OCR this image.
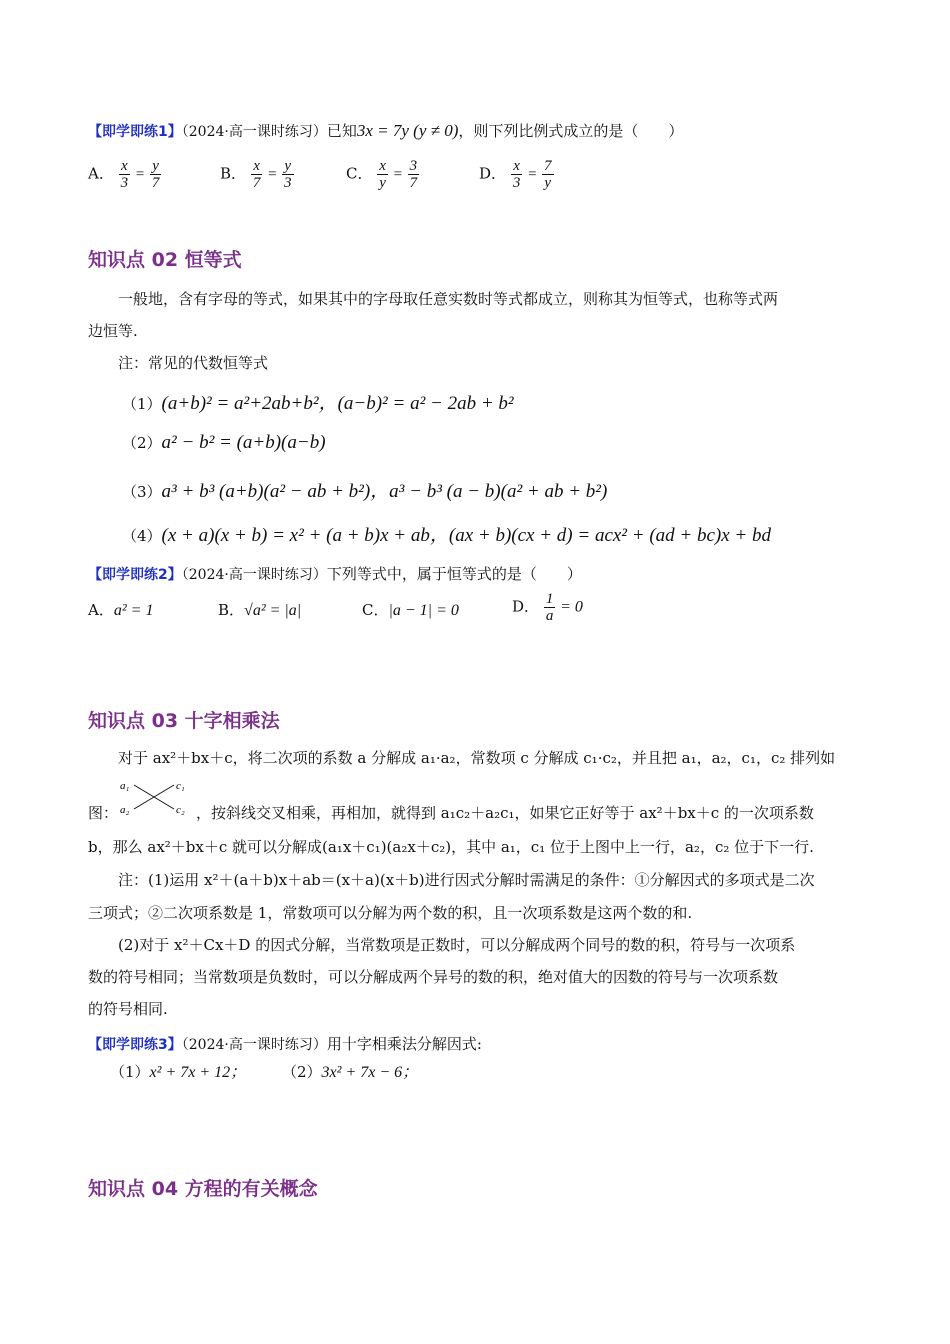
【即学即练1】（2024·高一课时练习）已知3x = 7y (y ≠ 0)，则下列比例式成立的是（　　）
A． $\frac{x}{3} = \frac{y}{7}$	B． $\frac{x}{7} = \frac{y}{3}$	C． $\frac{x}{y} = \frac{3}{7}$	D． $\frac{x}{3} = \frac{7}{y}$
知识点 02 恒等式
一般地，含有字母的等式，如果其中的字母取任意实数时等式都成立，则称其为恒等式，也称等式两
边恒等.
注：常见的代数恒等式
（1）(a+b)² = a²+2ab+b²，(a−b)² = a² − 2ab + b²
（2）a² − b² = (a+b)(a−b)
（3）a³ + b³ (a+b)(a² − ab + b²)，a³ − b³ (a − b)(a² + ab + b²)
（4）(x + a)(x + b) = x² + (a + b)x + ab，(ax + b)(cx + d) = acx² + (ad + bc)x + bd
【即学即练2】（2024·高一课时练习）下列等式中，属于恒等式的是（　　）
A．a² = 1	B．√a² = |a|	C．|a − 1| = 0	D． $\frac{1}{a} = 0$
知识点 03 十字相乘法
对于 ax²＋bx＋c，将二次项的系数 a 分解成 a₁·a₂，常数项 c 分解成 c₁·c₂，并且把 a₁，a₂，c₁，c₂ 排列如
图：
a₁
a₂
c₁
c₂ ，按斜线交叉相乘，再相加，就得到 a₁c₂＋a₂c₁，如果它正好等于 ax²＋bx＋c 的一次项系数
b，那么 ax²＋bx＋c 就可以分解成(a₁x＋c₁)(a₂x＋c₂)，其中 a₁，c₁ 位于上图中上一行，a₂，c₂ 位于下一行.
注：(1)运用 x²＋(a＋b)x＋ab＝(x＋a)(x＋b)进行因式分解时需满足的条件：①分解因式的多项式是二次
三项式；②二次项系数是 1，常数项可以分解为两个数的积，且一次项系数是这两个数的和.
(2)对于 x²＋Cx＋D 的因式分解，当常数项是正数时，可以分解成两个同号的数的积，符号与一次项系
数的符号相同；当常数项是负数时，可以分解成两个异号的数的积，绝对值大的因数的符号与一次项系数
的符号相同.
【即学即练3】（2024·高一课时练习）用十字相乘法分解因式:
（1）x² + 7x + 12； （2）3x² + 7x − 6；
知识点 04 方程的有关概念
